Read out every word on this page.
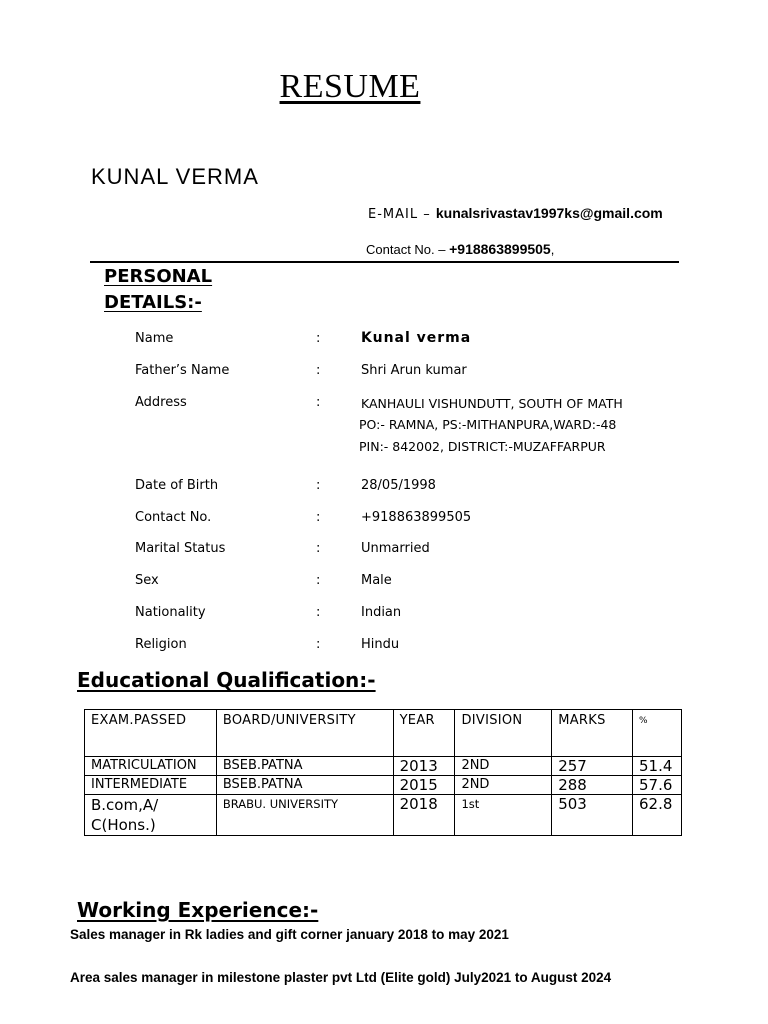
RESUME
KUNAL VERMA
E-MAIL – kunalsrivastav1997ks@gmail.com
Contact No. – +918863899505,
PERSONAL DETAILS:-
Name	:	Kunal verma
Father’s Name	:	Shri Arun kumar
Address	:	KANHAULI VISHUNDUTT, SOUTH OF MATH
PO:- RAMNA, PS:-MITHANPURA,WARD:-48
PIN:- 842002, DISTRICT:-MUZAFFARPUR
Date of Birth	:	28/05/1998
Contact No.	:	+918863899505
Marital Status	:	Unmarried
Sex	:	Male
Nationality	:	Indian
Religion	:	Hindu
Educational Qualification:-
EXAM.PASSED	BOARD/UNIVERSITY	YEAR	DIVISION	MARKS	%
MATRICULATION	BSEB.PATNA	2013	2ND	257	51.4
INTERMEDIATE	BSEB.PATNA	2015	2ND	288	57.6
B.com,A/ C(Hons.)	BRABU. UNIVERSITY	2018	1st	503	62.8
Working Experience:-
Sales manager in Rk ladies and gift corner january 2018 to may 2021
Area sales manager in milestone plaster pvt Ltd (Elite gold) July2021 to August 2024
